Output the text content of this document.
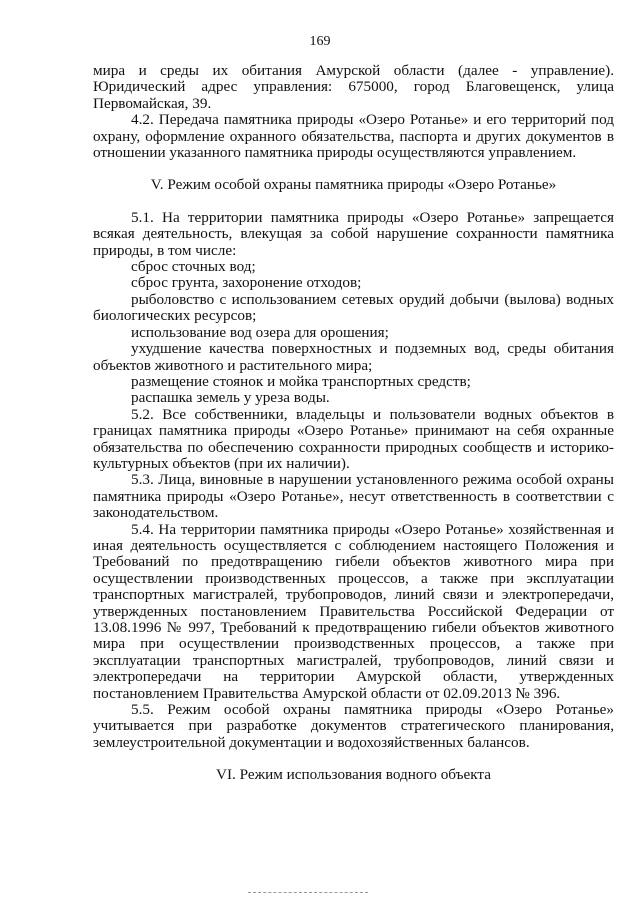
169

мира и среды их обитания Амурской области (далее - управление). Юридический адрес управления: 675000, город Благовещенск, улица Первомайская, 39.

4.2. Передача памятника природы «Озеро Ротанье» и его территорий под охрану, оформление охранного обязательства, паспорта и других документов в отношении указанного памятника природы осуществляются управлением.

V. Режим особой охраны памятника природы «Озеро Ротанье»

5.1. На территории памятника природы «Озеро Ротанье» запрещается всякая деятельность, влекущая за собой нарушение сохранности памятника природы, в том числе:

сброс сточных вод;

сброс грунта, захоронение отходов;

рыболовство с использованием сетевых орудий добычи (вылова) водных биологических ресурсов;

использование вод озера для орошения;

ухудшение качества поверхностных и подземных вод, среды обитания объектов животного и растительного мира;

размещение стоянок и мойка транспортных средств;

распашка земель у уреза воды.

5.2. Все собственники, владельцы и пользователи водных объектов в границах памятника природы «Озеро Ротанье» принимают на себя охранные обязательства по обеспечению сохранности природных сообществ и историко-культурных объектов (при их наличии).

5.3. Лица, виновные в нарушении установленного режима особой охраны памятника природы «Озеро Ротанье», несут ответственность в соответствии с законодательством.

5.4. На территории памятника природы «Озеро Ротанье» хозяйственная и иная деятельность осуществляется с соблюдением настоящего Положения и Требований по предотвращению гибели объектов животного мира при осуществлении производственных процессов, а также при эксплуатации транспортных магистралей, трубопроводов, линий связи и электропередачи, утвержденных постановлением Правительства Российской Федерации от 13.08.1996 № 997, Требований к предотвращению гибели объектов животного мира при осуществлении производственных процессов, а также при эксплуатации транспортных магистралей, трубопроводов, линий связи и электропередачи на территории Амурской области, утвержденных постановлением Правительства Амурской области от 02.09.2013 № 396.

5.5. Режим особой охраны памятника природы «Озеро Ротанье» учитывается при разработке документов стратегического планирования, землеустроительной документации и водохозяйственных балансов.

VI. Режим использования водного объекта
